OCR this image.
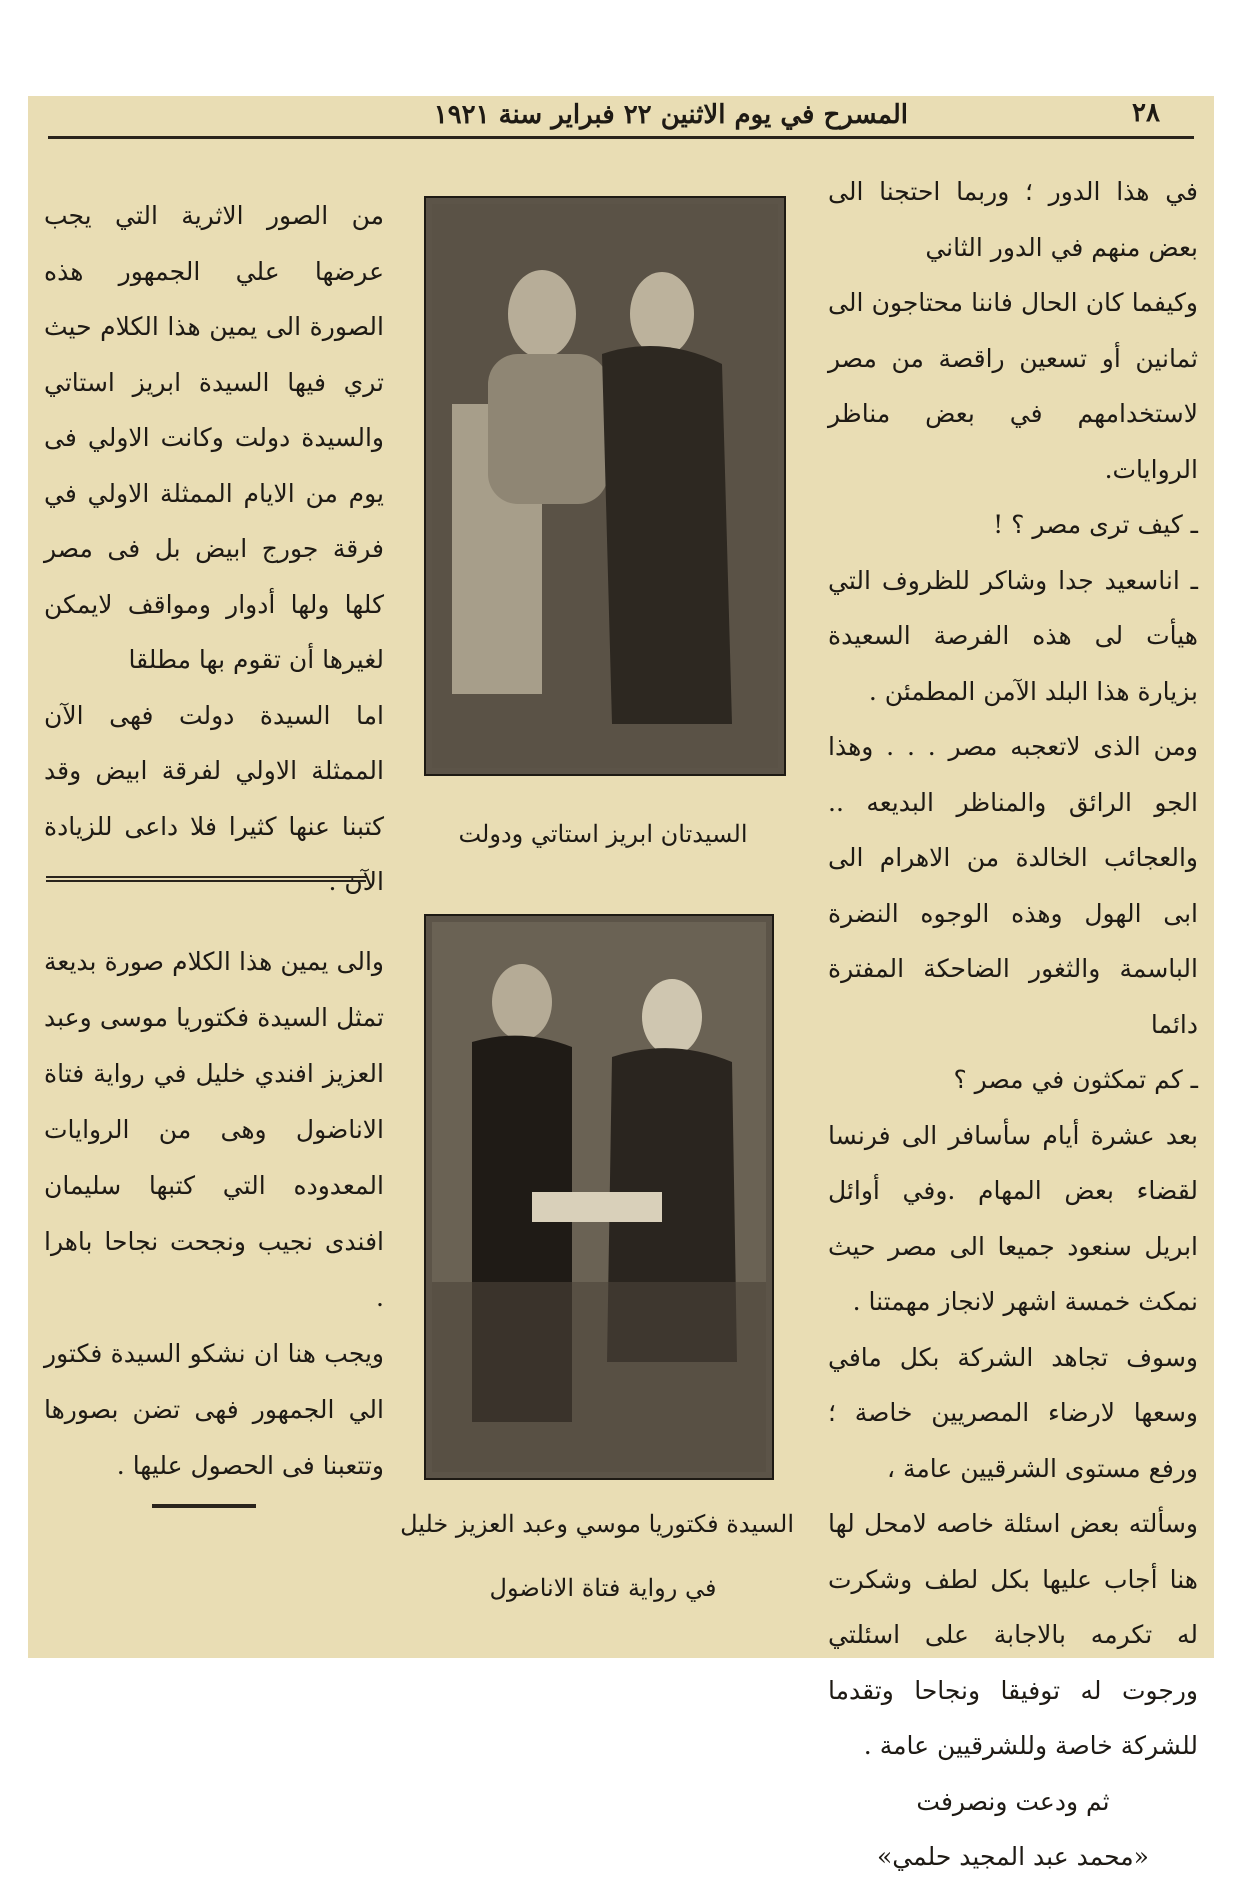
٢٨
المسرح في يوم الاثنين ٢٢ فبراير سنة ١٩٢١

في هذا الدور ؛ وربما احتجنا الى بعض منهم في الدور الثاني

وكيفما كان الحال فاننا محتاجون الى ثمانين أو تسعين راقصة من مصر لاستخدامهم في بعض مناظر الروايات.

ـ كيف ترى مصر ؟ !

ـ اناسعيد جدا وشاكر للظروف التي هيأت لى هذه الفرصة السعيدة بزيارة هذا البلد الآمن المطمئن .

ومن الذى لاتعجبه مصر . . . وهذا الجو الرائق والمناظر البديعه .. والعجائب الخالدة من الاهرام الى ابى الهول وهذه الوجوه النضرة الباسمة والثغور الضاحكة المفترة دائما

ـ كم تمكثون في مصر ؟

بعد عشرة أيام سأسافر الى فرنسا لقضاء بعض المهام .وفي أوائل ابريل سنعود جميعا الى مصر حيث نمكث خمسة اشهر لانجاز مهمتنا .

وسوف تجاهد الشركة بكل مافي وسعها لارضاء المصريين خاصة ؛ ورفع مستوى الشرقيين عامة ،

وسألته بعض اسئلة خاصه لامحل لها هنا أجاب عليها بكل لطف وشكرت له تكرمه بالاجابة على اسئلتي ورجوت له توفيقا ونجاحا وتقدما للشركة خاصة وللشرقيين عامة .

ثم ودعت ونصرفت

«محمد عبد المجيد حلمي»

السيدتان ابريز استاتي ودولت
السيدة فكتوريا موسي وعبد العزيز خليل
في رواية فتاة الاناضول

من الصور الاثرية التي يجب عرضها علي الجمهور هذه الصورة الى يمين هذا الكلام حيث تري فيها السيدة ابريز استاتي والسيدة دولت وكانت الاولي فى يوم من الايام الممثلة الاولي في فرقة جورج ابيض بل فى مصر كلها ولها أدوار ومواقف لايمكن لغيرها أن تقوم بها مطلقا

اما السيدة دولت فهى الآن الممثلة الاولي لفرقة ابيض وقد كتبنا عنها كثيرا فلا داعى للزيادة الآن .

والى يمين هذا الكلام صورة بديعة تمثل السيدة فكتوريا موسى وعبد العزيز افندي خليل في رواية فتاة الاناضول وهى من الروايات المعدوده التي كتبها سليمان افندى نجيب ونجحت نجاحا باهرا .

ويجب هنا ان نشكو السيدة فكتور الي الجمهور فهى تضن بصورها وتتعبنا فى الحصول عليها .
